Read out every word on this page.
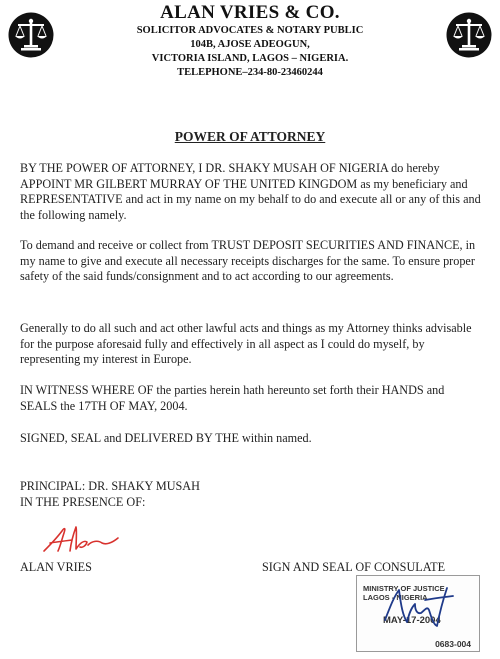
ALAN VRIES & CO.
SOLICITOR ADVOCATES & NOTARY PUBLIC
104B, AJOSE ADEOGUN,
VICTORIA ISLAND, LAGOS – NIGERIA.
TELEPHONE–234-80-23460244
POWER OF ATTORNEY

BY THE POWER OF ATTORNEY, I DR. SHAKY MUSAH OF NIGERIA do hereby APPOINT MR GILBERT MURRAY OF THE UNITED KINGDOM as my beneficiary and REPRESENTATIVE and act in my name on my behalf to do and execute all or any of this and the following namely.

To demand and receive or collect from TRUST DEPOSIT SECURITIES AND FINANCE, in my name to give and execute all necessary receipts discharges for the same. To ensure proper safety of the said funds/consignment and to act according to our agreements.

Generally to do all such and act other lawful acts and things as my Attorney thinks advisable for the purpose aforesaid fully and effectively in all aspect as I could do myself, by representing my interest in Europe.

IN WITNESS WHERE OF the parties herein hath hereunto set forth their HANDS and SEALS the 17TH OF MAY, 2004.

SIGNED, SEAL and DELIVERED BY THE within named.

PRINCIPAL: DR. SHAKY MUSAH

IN THE PRESENCE OF:

ALAN VRIES	SIGN AND SEAL OF CONSULATE

MINISTRY OF JUSTICE
LAGOS - NIGERIA
MAY-17-2004
0683-004
